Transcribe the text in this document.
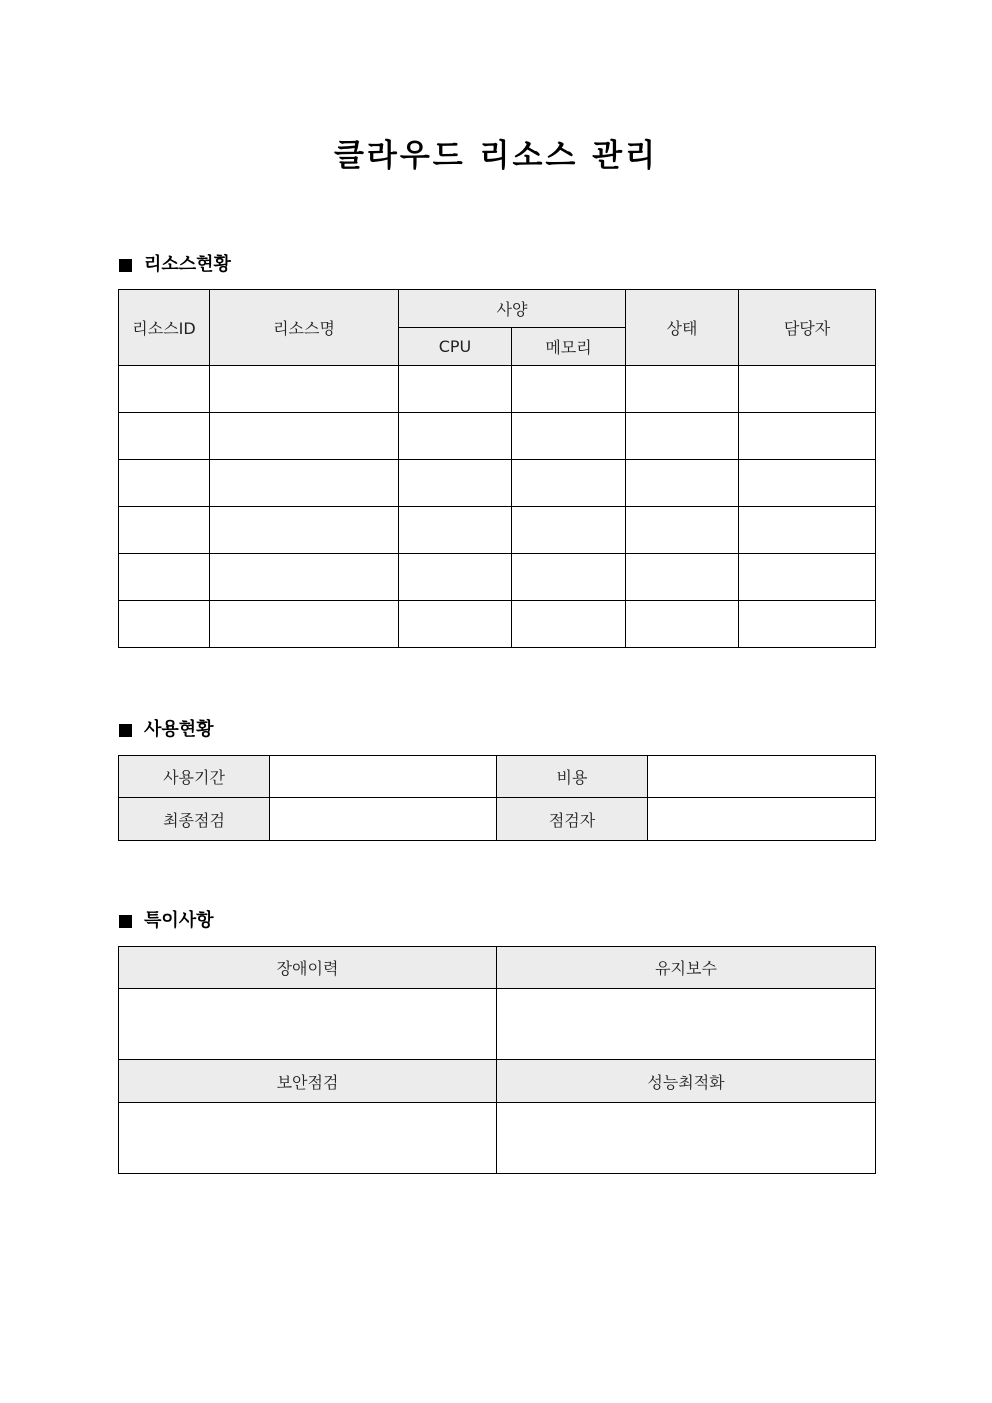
클라우드 리소스 관리
리소스현황
리소스ID	리소스명	사양		상태	담당자
		CPU	메모리		

사용현황
사용기간		비용	
최종점검		점검자	
특이사항
장애이력	유지보수

보안점검	성능최적화
